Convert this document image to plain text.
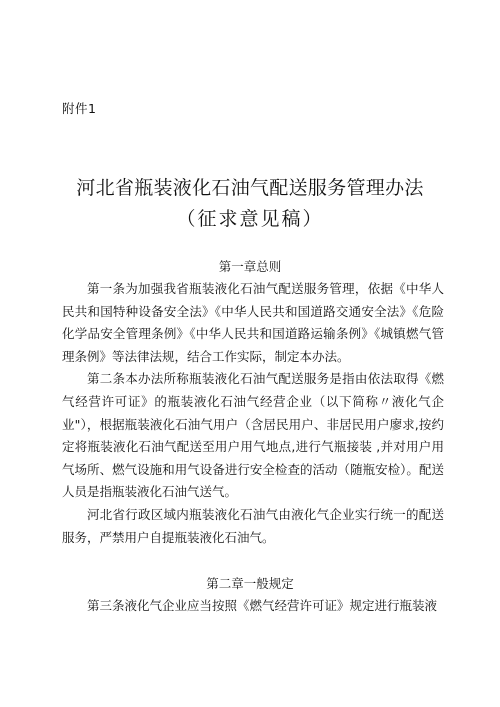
附件1
河北省瓶装液化石油气配送服务管理办法
（征求意见稿）
第一章总则

第一条为加强我省瓶装液化石油气配送服务管理，依据《中华人民共和国特种设备安全法》《中华人民共和国道路交通安全法》《危险化学品安全管理条例》《中华人民共和国道路运输条例》《城镇燃气管理条例》等法律法规，结合工作实际，制定本办法。

第二条本办法所称瓶装液化石油气配送服务是指由依法取得《燃气经营许可证》的瓶装液化石油气经营企业（以下简称〃液化气企业"），根据瓶装液化石油气用户（含居民用户、非居民用户廖求,按约定将瓶装液化石油气配送至用户用气地点,进行气瓶接装 ,并对用户用气场所、燃气设施和用气设备进行安全检查的活动（随瓶安检）。配送人员是指瓶装液化石油气送气。

河北省行政区域内瓶装液化石油气由液化气企业实行统一的配送服务，严禁用户自提瓶装液化石油气。

第二章一般规定

第三条液化气企业应当按照《燃气经营许可证》规定进行瓶装液
